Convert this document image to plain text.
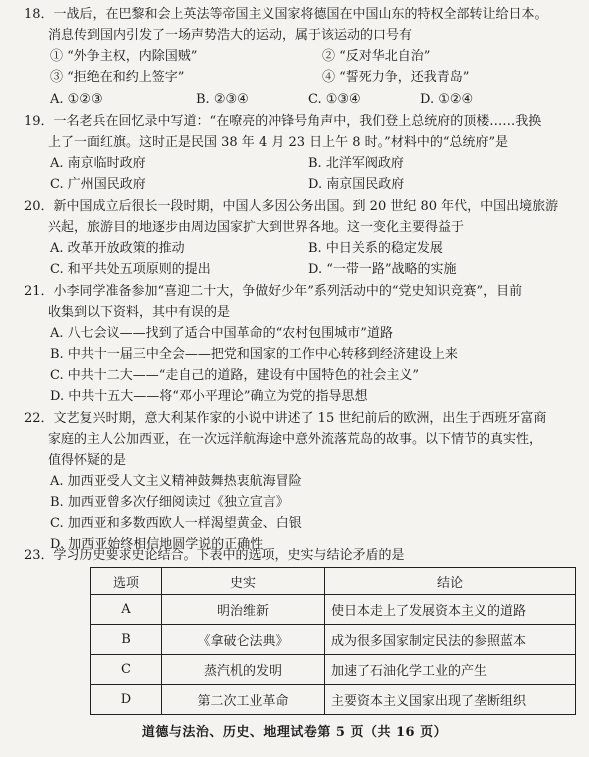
18．一战后，在巴黎和会上英法等帝国主义国家将德国在中国山东的特权全部转让给日本。
消息传到国内引发了一场声势浩大的运动，属于该运动的口号有
① “外争主权，内除国贼”	② “反对华北自治”
③ “拒绝在和约上签字”	④ “誓死力争，还我青岛”
A. ①②③	B. ②③④	C. ①③④	D. ①②④
19．一名老兵在回忆录中写道：“在嘹亮的冲锋号角声中，我们登上总统府的顶楼……我换
上了一面红旗。这时正是民国 38 年 4 月 23 日上午 8 时。”材料中的“总统府”是
A. 南京临时政府	B. 北洋军阀政府
C. 广州国民政府	D. 南京国民政府
20．新中国成立后很长一段时期，中国人多因公务出国。到 20 世纪 80 年代，中国出境旅游
兴起，旅游目的地逐步由周边国家扩大到世界各地。这一变化主要得益于
A. 改革开放政策的推动	B. 中日关系的稳定发展
C. 和平共处五项原则的提出	D. “一带一路”战略的实施
21．小李同学准备参加“喜迎二十大，争做好少年”系列活动中的“党史知识竞赛”，目前
收集到以下资料，其中有误的是
A. 八七会议——找到了适合中国革命的“农村包围城市”道路
B. 中共十一届三中全会——把党和国家的工作中心转移到经济建设上来
C. 中共十二大——“走自己的道路，建设有中国特色的社会主义”
D. 中共十五大——将“邓小平理论”确立为党的指导思想
22．文艺复兴时期，意大利某作家的小说中讲述了 15 世纪前后的欧洲，出生于西班牙富商
家庭的主人公加西亚，在一次远洋航海途中意外流落荒岛的故事。以下情节的真实性，
值得怀疑的是
A. 加西亚受人文主义精神鼓舞热衷航海冒险
B. 加西亚曾多次仔细阅读过《独立宣言》
C. 加西亚和多数西欧人一样渴望黄金、白银
D. 加西亚始终相信地圆学说的正确性
23．学习历史要求史论结合。下表中的选项，史实与结论矛盾的是
选项	史实	结论
A	明治维新	使日本走上了发展资本主义的道路
B	《拿破仑法典》	成为很多国家制定民法的参照蓝本
C	蒸汽机的发明	加速了石油化学工业的产生
D	第二次工业革命	主要资本主义国家出现了垄断组织
道德与法治、历史、地理试卷第 5 页（共 16 页）
